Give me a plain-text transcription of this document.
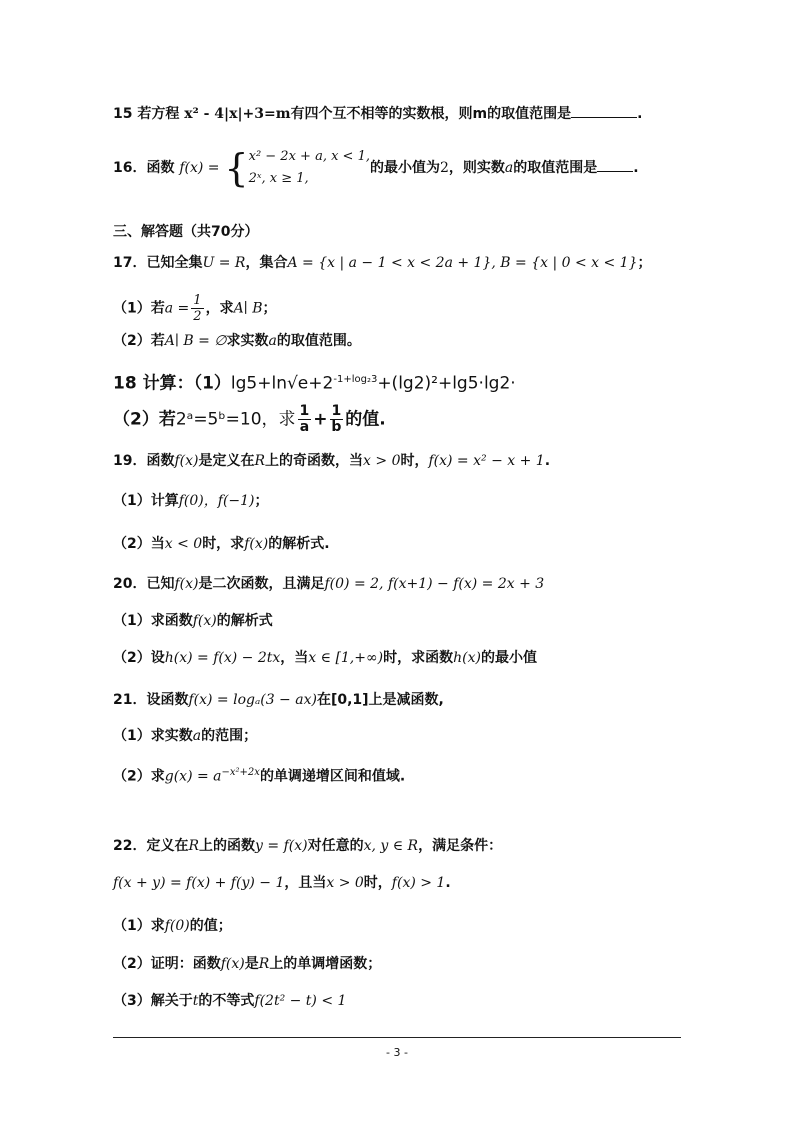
15 若方程 x² - 4|x|+3=m有四个互不相等的实数根，则m的取值范围是	.
16．函数 f(x) = { x² − 2x + a, x < 1,
2ˣ, x ≥ 1,
的最小值为2，则实数a的取值范围是	.
三、解答题（共70分）
17．已知全集U = R，集合A = {x | a − 1 < x < 2a + 1}, B = {x | 0 < x < 1}；
（1）若$a = \frac{1}{2}$ ，求A∣ B；
（2）若A∣ B = ∅求实数a的取值范围。
18 计算：$(1)\lg 5+\ln√e+2^{-1+log_23}+(\lg 2)^2+\lg 5\cdot\lg 2\cdot$
（2）若2ᵃ=5ᵇ=10，求 $\frac{1}{a} + \frac{1}{b}$ 的值.
19．函数f(x)是定义在R上的奇函数，当x > 0时，f(x) = x² − x + 1.
（1）计算f(0)，f(−1)；
（2）当x < 0时，求f(x)的解析式.
20．已知f(x)是二次函数，且满足f(0) = 2, f(x+1) − f(x) = 2x + 3
（1）求函数f(x)的解析式
（2）设h(x) = f(x) − 2tx，当x ∈ [1,+∞)时，求函数h(x)的最小值
21．设函数f(x) = logₐ(3 − ax)在[0,1]上是减函数,
（1）求实数a的范围；
（2）求$g(x) = a^{-x^2+2x}$的单调递增区间和值域.
22．定义在R上的函数y = f(x)对任意的x, y ∈ R，满足条件：
f(x + y) = f(x) + f(y) − 1，且当x > 0时，f(x) > 1.
（1）求f(0)的值；
（2）证明：函数f(x)是R上的单调增函数；
（3）解关于t的不等式f(2t² − t) < 1
- 3 -
